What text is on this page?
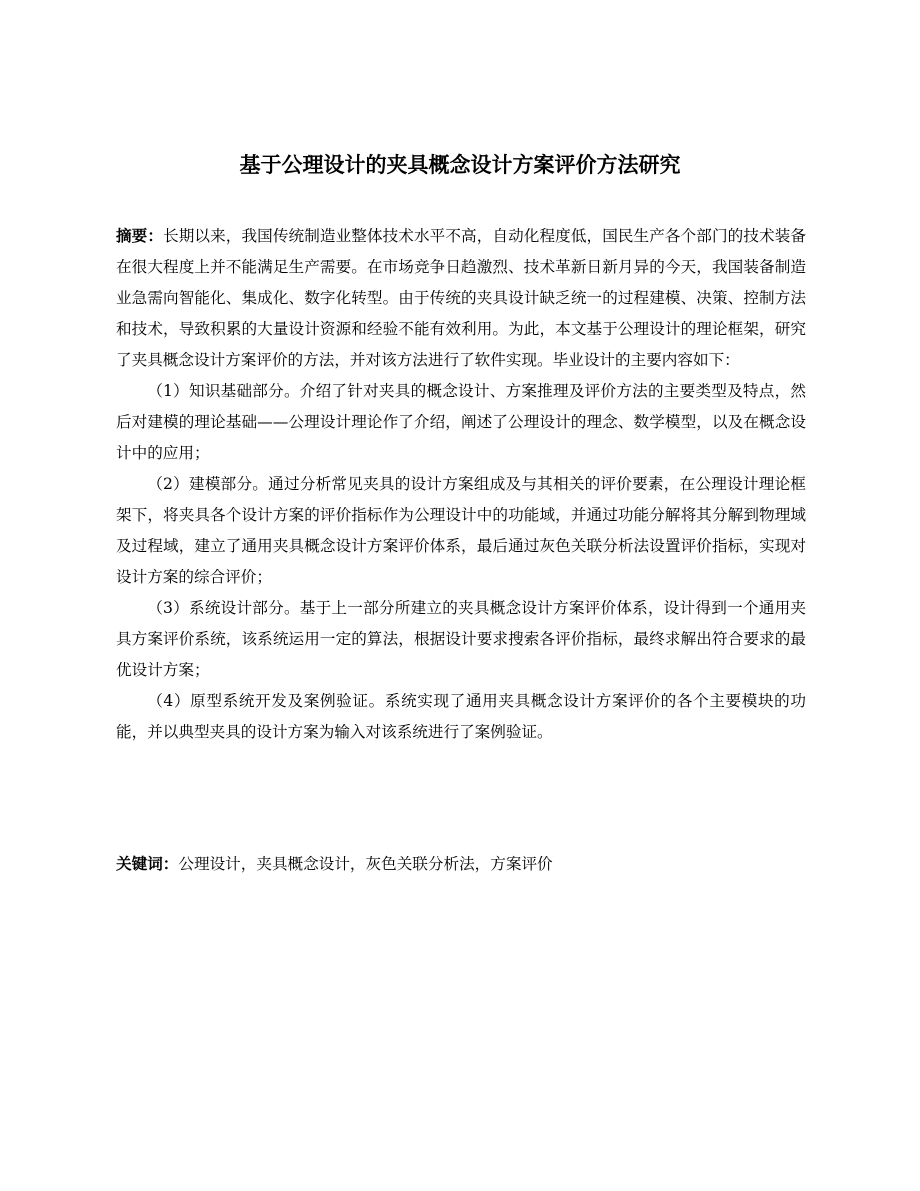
基于公理设计的夹具概念设计方案评价方法研究

摘要：长期以来，我国传统制造业整体技术水平不高，自动化程度低，国民生产各个部门的技术装备在很大程度上并不能满足生产需要。在市场竞争日趋激烈、技术革新日新月异的今天，我国装备制造业急需向智能化、集成化、数字化转型。由于传统的夹具设计缺乏统一的过程建模、决策、控制方法和技术，导致积累的大量设计资源和经验不能有效利用。为此，本文基于公理设计的理论框架，研究了夹具概念设计方案评价的方法，并对该方法进行了软件实现。毕业设计的主要内容如下：

（1）知识基础部分。介绍了针对夹具的概念设计、方案推理及评价方法的主要类型及特点，然后对建模的理论基础——公理设计理论作了介绍，阐述了公理设计的理念、数学模型，以及在概念设计中的应用；

（2）建模部分。通过分析常见夹具的设计方案组成及与其相关的评价要素，在公理设计理论框架下，将夹具各个设计方案的评价指标作为公理设计中的功能域，并通过功能分解将其分解到物理域及过程域，建立了通用夹具概念设计方案评价体系，最后通过灰色关联分析法设置评价指标，实现对设计方案的综合评价；

（3）系统设计部分。基于上一部分所建立的夹具概念设计方案评价体系，设计得到一个通用夹具方案评价系统，该系统运用一定的算法，根据设计要求搜索各评价指标，最终求解出符合要求的最优设计方案；

（4）原型系统开发及案例验证。系统实现了通用夹具概念设计方案评价的各个主要模块的功能，并以典型夹具的设计方案为输入对该系统进行了案例验证。

关键词：公理设计，夹具概念设计，灰色关联分析法，方案评价
